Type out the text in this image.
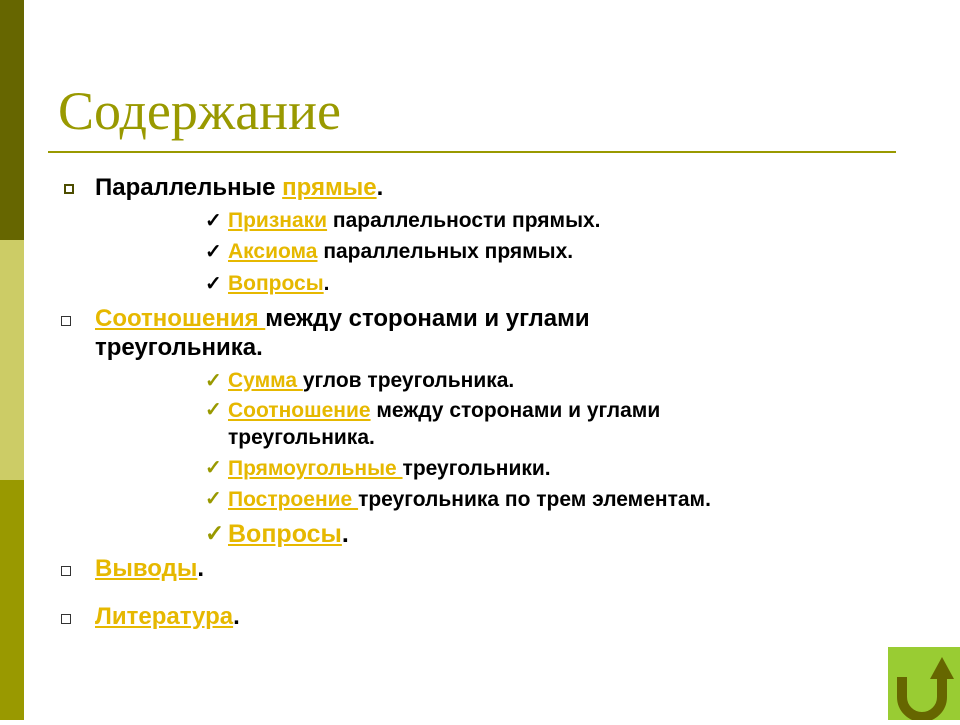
Содержание
Параллельные прямые.
✓ Признаки параллельности прямых.
✓ Аксиома параллельных прямых.
✓ Вопросы.
Соотношения между сторонами и углами
треугольника.
✓ Сумма углов треугольника.
✓ Соотношение между сторонами и углами
треугольника.
✓ Прямоугольные треугольники.
✓ Построение треугольника по трем элементам.
✓ Вопросы.
Выводы.
Литература.
